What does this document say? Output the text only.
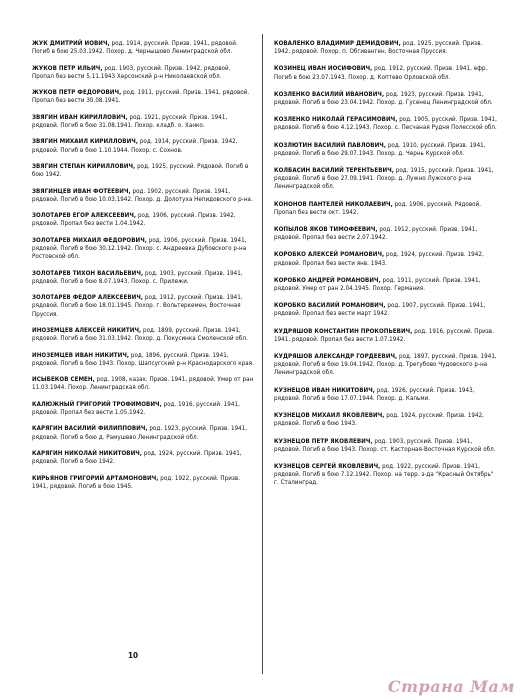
ЖУК ДМИТРИЙ ИОВИЧ, род. 1914, русский. Призв. 1941, рядовой. Погиб в бою 25.03.1942. Похор. д. Чернышово Ленинградской обл.
ЖУКОВ ПЕТР ИЛЬИЧ, род. 1903, русский. Призв. 1942, рядовой. Пропал без вести 5.11.1943 Херсонский р-н Николаевской обл.
ЖУКОВ ПЕТР ФЕДОРОВИЧ, род. 1911, русский. Призв. 1941, рядовой. Пропал без вести 30.08.1941.
ЗВЯГИН ИВАН КИРИЛЛОВИЧ, род. 1921, русский. Призв. 1941, рядовой. Погиб в бою 31.08.1941. Похор. кладб. о. Ханко.
ЗВЯГИН МИХАИЛ КИРИЛЛОВИЧ, род. 1914, русский. Призв. 1942, рядовой. Погиб в бою 1.10.1944. Похор. с. Сохнов.
ЗВЯГИН СТЕПАН КИРИЛЛОВИЧ, род. 1925, русский. Рядовой. Погиб в бою 1942.
ЗВЯГИНЦЕВ ИВАН ФОТЕЕВИЧ, род. 1902, русский. Призв. 1941, рядовой. Погиб в бою 10.03.1942. Похор. д. Долотуха Непидовского р-на.
ЗОЛОТАРЕВ ЕГОР АЛЕКСЕЕВИЧ, род. 1906, русский. Призв. 1942, рядовой. Пропал без вести 1.04.1942.
ЗОЛОТАРЕВ МИХАИЛ ФЕДОРОВИЧ, род. 1906, русский. Призв. 1941, рядовой. Погиб в бою 30.12.1942. Похор. с. Андреевка Дубовского р-на Ростовской обл.
ЗОЛОТАРЕВ ТИХОН ВАСИЛЬЕВИЧ, род. 1903, русский. Призв. 1941, рядовой. Погиб в бою 8.07.1943. Похор. с. Прилежи.
ЗОЛОТАРЕВ ФЕДОР АЛЕКСЕЕВИЧ, род. 1912, русский. Призв. 1941, рядовой. Погиб в бою 18.01.1945. Похор. г. Вольтеркемен, Восточная Пруссия.
ИНОЗЕМЦЕВ АЛЕКСЕЙ НИКИТИЧ, род. 1899, русский. Призв. 1941, рядовой. Погиб в бою 31.03.1942. Похор. д. Покусинка Смоленской обл.
ИНОЗЕМЦЕВ ИВАН НИКИТИЧ, род. 1896, русский. Призв. 1941, рядовой. Погиб в бою 1943. Похор. Шапсугский р-н Краснодарского края.
ИСЫБЕКОВ СЕМЕН, род. 1908, казах. Призв. 1941, рядовой. Умер от ран 11.03.1944. Похор. Ленинградская обл.
КАЛЮЖНЫЙ ГРИГОРИЙ ТРОФИМОВИЧ, род. 1916, русский. 1941, рядовой. Пропал без вести 1.05.1942.
КАРЯГИН ВАСИЛИЙ ФИЛИППОВИЧ, род. 1923, русский. Призв. 1941, рядовой. Погиб в бою д. Рамушево Ленинградской обл.
КАРЯГИН НИКОЛАЙ НИКИТОВИЧ, род. 1924, русский. Призв. 1941, рядовой. Погиб в бою 1942.
КИРЬЯНОВ ГРИГОРИЙ АРТАМОНОВИЧ, род. 1922, русский. Призв. 1941, рядовой. Погиб в бою 1945.
КОВАЛЕНКО ВЛАДИМИР ДЕМИДОВИЧ, род. 1925, русский. Призв. 1942, рядовой. Похор. п. Обгиванген, Восточная Пруссия.
КОЗИНЕЦ ИВАН ИОСИФОВИЧ, род. 1912, русский. Призв. 1941, ефр. Погиб в бою 23.07.1943. Похор. д. Коптево Орловской обл.
КОЗЛЕНКО ВАСИЛИЙ ИВАНОВИЧ, род. 1923, русский. Призв. 1941, рядовой. Погиб в бою 23.04.1942. Похор. д. Гусенец Ленинградской обл.
КОЗЛЕНКО НИКОЛАЙ ГЕРАСИМОВИЧ, род. 1905, русский. Призв. 1941, рядовой. Погиб в бою 4.12.1943. Похор. с. Песчаная Рудня Полесской обл.
КОЗЛЮТИН ВАСИЛИЙ ПАВЛОВИЧ, род. 1910, русский. Призв. 1941, рядовой. Погиб в бою 29.07.1943. Похор. д. Чернь Курской обл.
КОЛБАСИН ВАСИЛИЙ ТЕРЕНТЬЕВИЧ, род. 1915, русский. Призв. 1941, рядовой. Погиб в бою 27.09.1941. Похор. д. Лужно Лужского р-на Ленинградской обл.
КОНОНОВ ПАНТЕЛЕЙ НИКОЛАЕВИЧ, род. 1906, русский. Рядовой. Пропал без вести окт. 1942.
КОПЫЛОВ ЯКОВ ТИМОФЕЕВИЧ, род. 1912, русский. Призв. 1941, рядовой. Пропал без вести 2.07.1942.
КОРОБКО АЛЕКСЕЙ РОМАНОВИЧ, род. 1924, русский. Призв. 1942, рядовой. Пропал без вести янв. 1943.
КОРОБКО АНДРЕЙ РОМАНОВИЧ, род. 1911, русский. Призв. 1941, рядовой. Умер от ран 2.04.1945. Похор. Германия.
КОРОБКО ВАСИЛИЙ РОМАНОВИЧ, род. 1907, русский. Призв. 1941, рядовой. Пропал без вести март 1942.
КУДРЯШОВ КОНСТАНТИН ПРОКОПЬЕВИЧ, род. 1916, русский. Призв. 1941, рядовой. Пропал без вести 1.07.1942.
КУДРЯШОВ АЛЕКСАНДР ГОРДЕЕВИЧ, род. 1897, русский. Призв. 1941, рядовой. Погиб в бою 19.04.1942. Похор. д. Трегубово Чудовского р-на Ленинградской обл.
КУЗНЕЦОВ ИВАН НИКИТОВИЧ, род. 1926, русский. Призв. 1943, рядовой. Погиб в бою 17.07.1944. Похор. д. Кальми.
КУЗНЕЦОВ МИХАИЛ ЯКОВЛЕВИЧ, род. 1924, русский. Призв. 1942, рядовой. Погиб в бою 1943.
КУЗНЕЦОВ ПЕТР ЯКОВЛЕВИЧ, род. 1903, русский. Призв. 1941, рядовой. Погиб в бою 1943. Похор. ст. Касторная-Восточная Курской обл.
КУЗНЕЦОВ СЕРГЕЙ ЯКОВЛЕВИЧ, род. 1922, русский. Призв. 1941, рядовой. Погиб в бою 7.12.1942. Похор. на терр. з-да "Красный Октябрь" г. Сталинград.
10
Страна Мам
